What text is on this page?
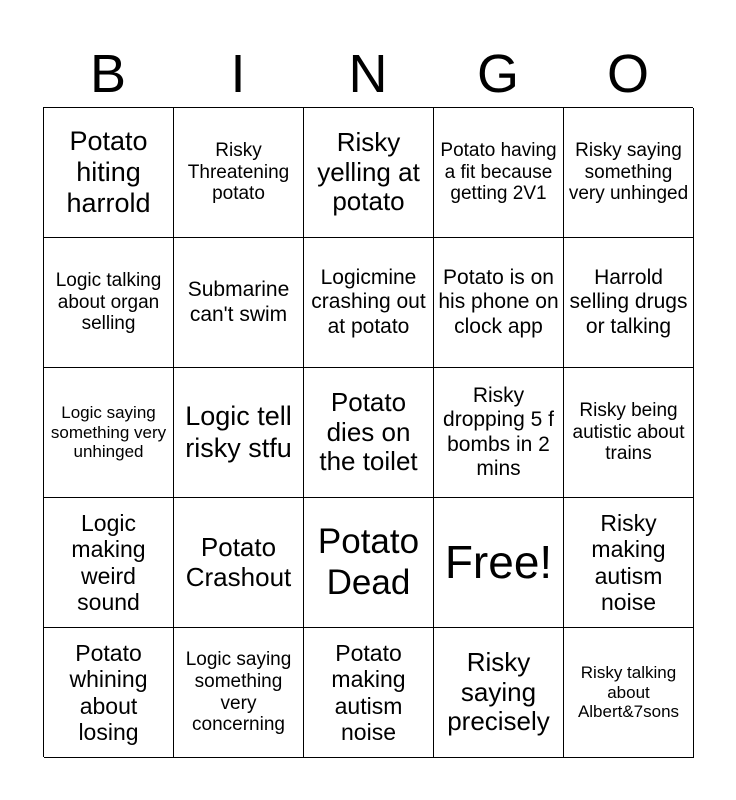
B	I	N	G	O
Potato hiting harrold
Risky Threatening potato
Risky yelling at potato
Potato having a fit because getting 2V1
Risky saying something very unhinged
Logic talking about organ selling
Submarine can't swim
Logicmine crashing out at potato
Potato is on his phone on clock app
Harrold selling drugs or talking
Logic saying something very unhinged
Logic tell risky stfu
Potato dies on the toilet
Risky dropping 5 f bombs in 2 mins
Risky being autistic about trains
Logic making weird sound
Potato Crashout
Potato Dead Free!
Risky making autism noise
Potato whining about losing
Logic saying something very concerning
Potato making autism noise
Risky saying precisely
Risky talking about Albert&7sons
